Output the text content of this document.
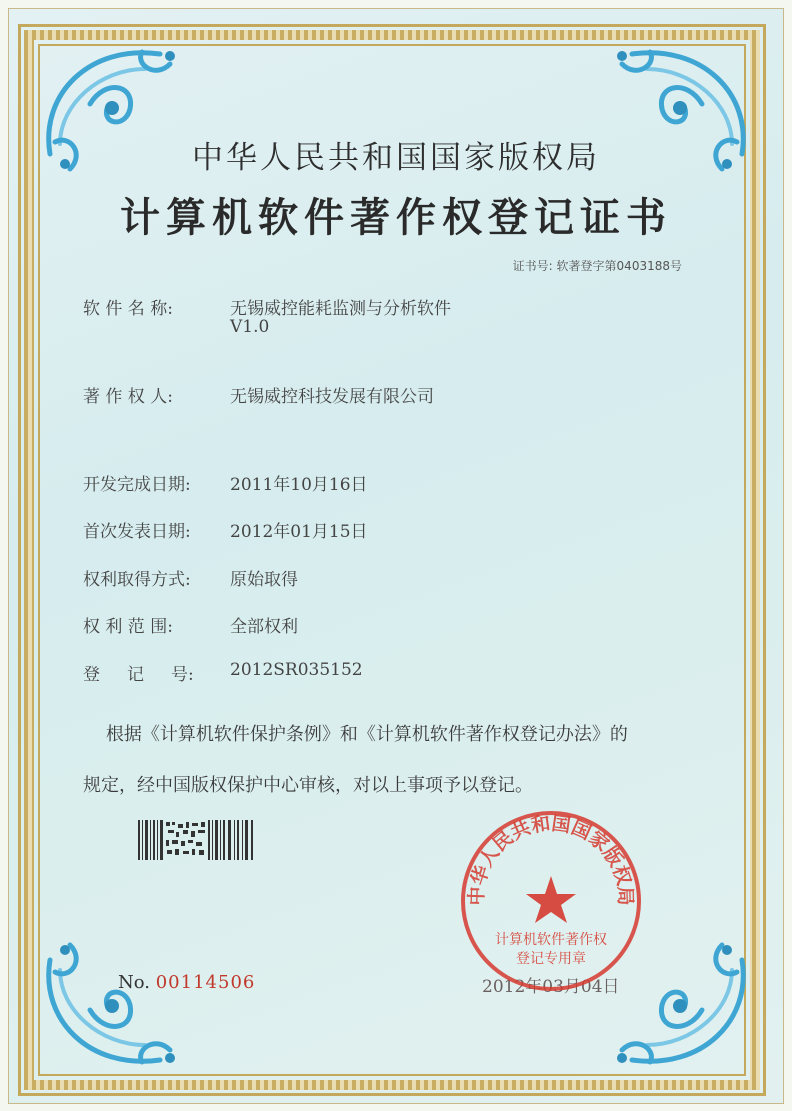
中华人民共和国国家版权局
计算机软件著作权登记证书
证书号: 软著登字第0403188号
软 件 名 称:	无锡威控能耗监测与分析软件
V1.0
著 作 权 人:	无锡威控科技发展有限公司
开发完成日期: 2011年10月16日
首次发表日期: 2012年01月15日
权利取得方式: 原始取得
权 利 范 围:	全部权利
登     记     号: 2012SR035152
根据《计算机软件保护条例》和《计算机软件著作权登记办法》的
规定，经中国版权保护中心审核，对以上事项予以登记。
No. 00114506	2012年03月04日
中华人民共和国国家版权局
计算机软件著作权
登记专用章
